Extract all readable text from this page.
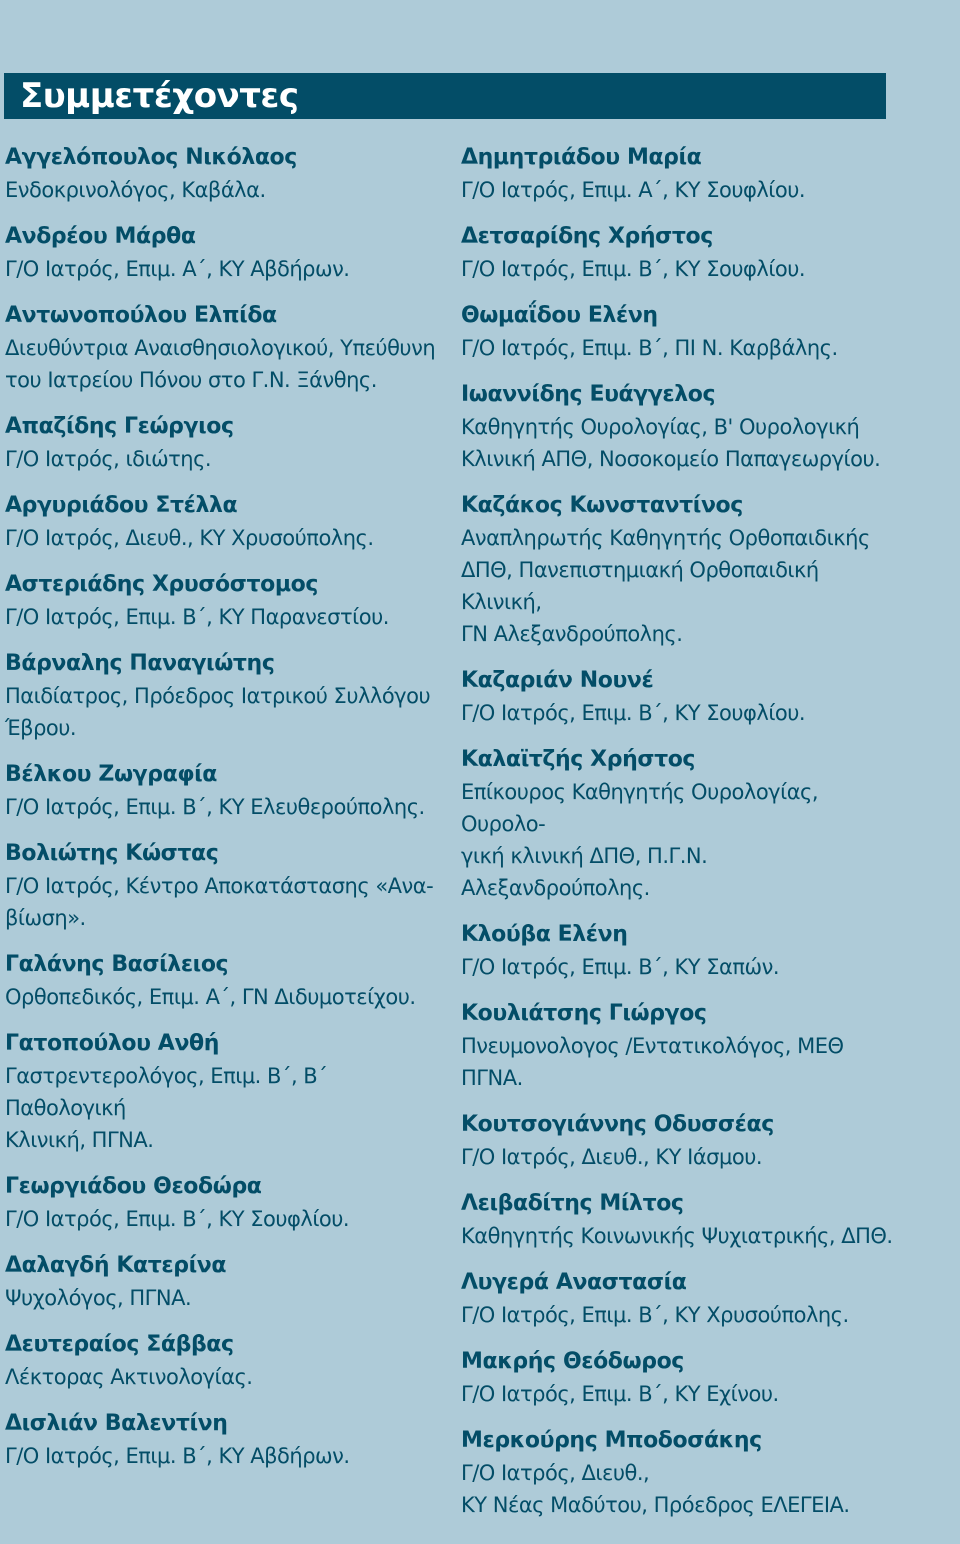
Συμμετέχοντες
Αγγελόπουλος Νικόλαος
Ενδοκρινολόγος, Καβάλα.
Ανδρέου Μάρθα
Γ/Ο Ιατρός, Επιμ. Α΄, ΚΥ Αβδήρων.
Αντωνοπούλου Ελπίδα
Διευθύντρια Αναισθησιολογικού, Υπεύθυνη
του Ιατρείου Πόνου στο Γ.Ν. Ξάνθης.
Απαζίδης Γεώργιος
Γ/Ο Ιατρός, ιδιώτης.
Αργυριάδου Στέλλα
Γ/Ο Ιατρός, Διευθ., ΚΥ Χρυσούπολης.
Αστεριάδης Χρυσόστομος
Γ/Ο Ιατρός, Επιμ. Β΄, ΚΥ Παρανεστίου.
Βάρναλης Παναγιώτης
Παιδίατρος, Πρόεδρος Ιατρικού Συλλόγου
Έβρου.
Βέλκου Ζωγραφία
Γ/Ο Ιατρός, Επιμ. Β΄, ΚΥ Ελευθερούπολης.
Βολιώτης Κώστας
Γ/Ο Ιατρός, Κέντρο Αποκατάστασης «Ανα-
βίωση».
Γαλάνης Βασίλειος
Ορθοπεδικός, Επιμ. Α΄, ΓΝ Διδυμοτείχου.
Γατοπούλου Ανθή
Γαστρεντερολόγος, Επιμ. Β΄, Β΄ Παθολογική
Κλινική, ΠΓΝΑ.
Γεωργιάδου Θεοδώρα
Γ/Ο Ιατρός, Επιμ. Β΄, ΚΥ Σουφλίου.
Δαλαγδή Κατερίνα
Ψυχολόγος, ΠΓΝΑ.
Δευτεραίος Σάββας
Λέκτορας Ακτινολογίας.
Δισλιάν Βαλεντίνη
Γ/Ο Ιατρός, Επιμ. Β΄, ΚΥ Αβδήρων.
Δημητριάδου Μαρία
Γ/Ο Ιατρός, Επιμ. Α΄, ΚΥ Σουφλίου.
Δετσαρίδης Χρήστος
Γ/Ο Ιατρός, Επιμ. Β΄, ΚΥ Σουφλίου.
Θωμαΐδου Ελένη
Γ/Ο Ιατρός, Επιμ. Β΄, ΠΙ Ν. Καρβάλης.
Ιωαννίδης Ευάγγελος
Καθηγητής Ουρολογίας, Β' Ουρολογική
Κλινική ΑΠΘ, Νοσοκομείο Παπαγεωργίου.
Καζάκος Κωνσταντίνος
Αναπληρωτής Καθηγητής Ορθοπαιδικής
ΔΠΘ, Πανεπιστημιακή Ορθοπαιδική Κλινική,
ΓΝ Αλεξανδρούπολης.
Καζαριάν Νουνέ
Γ/Ο Ιατρός, Επιμ. Β΄, ΚΥ Σουφλίου.
Καλαϊτζής Χρήστος
Επίκουρος Καθηγητής Ουρολογίας, Ουρολο-
γική κλινική ΔΠΘ, Π.Γ.Ν. Αλεξανδρούπολης.
Κλούβα Ελένη
Γ/Ο Ιατρός, Επιμ. Β΄, ΚΥ Σαπών.
Κουλιάτσης Γιώργος
Πνευμονολογος /Εντατικολόγος, ΜΕΘ ΠΓΝΑ.
Κουτσογιάννης Οδυσσέας
Γ/Ο Ιατρός, Διευθ., ΚΥ Ιάσμου.
Λειβαδίτης Μίλτος
Καθηγητής Κοινωνικής Ψυχιατρικής, ΔΠΘ.
Λυγερά Αναστασία
Γ/Ο Ιατρός, Επιμ. Β΄, ΚΥ Χρυσούπολης.
Μακρής Θεόδωρος
Γ/Ο Ιατρός, Επιμ. Β΄, ΚΥ Εχίνου.
Μερκούρης Μποδοσάκης
Γ/Ο Ιατρός, Διευθ.,
ΚΥ Νέας Μαδύτου, Πρόεδρος ΕΛΕΓΕΙΑ.
